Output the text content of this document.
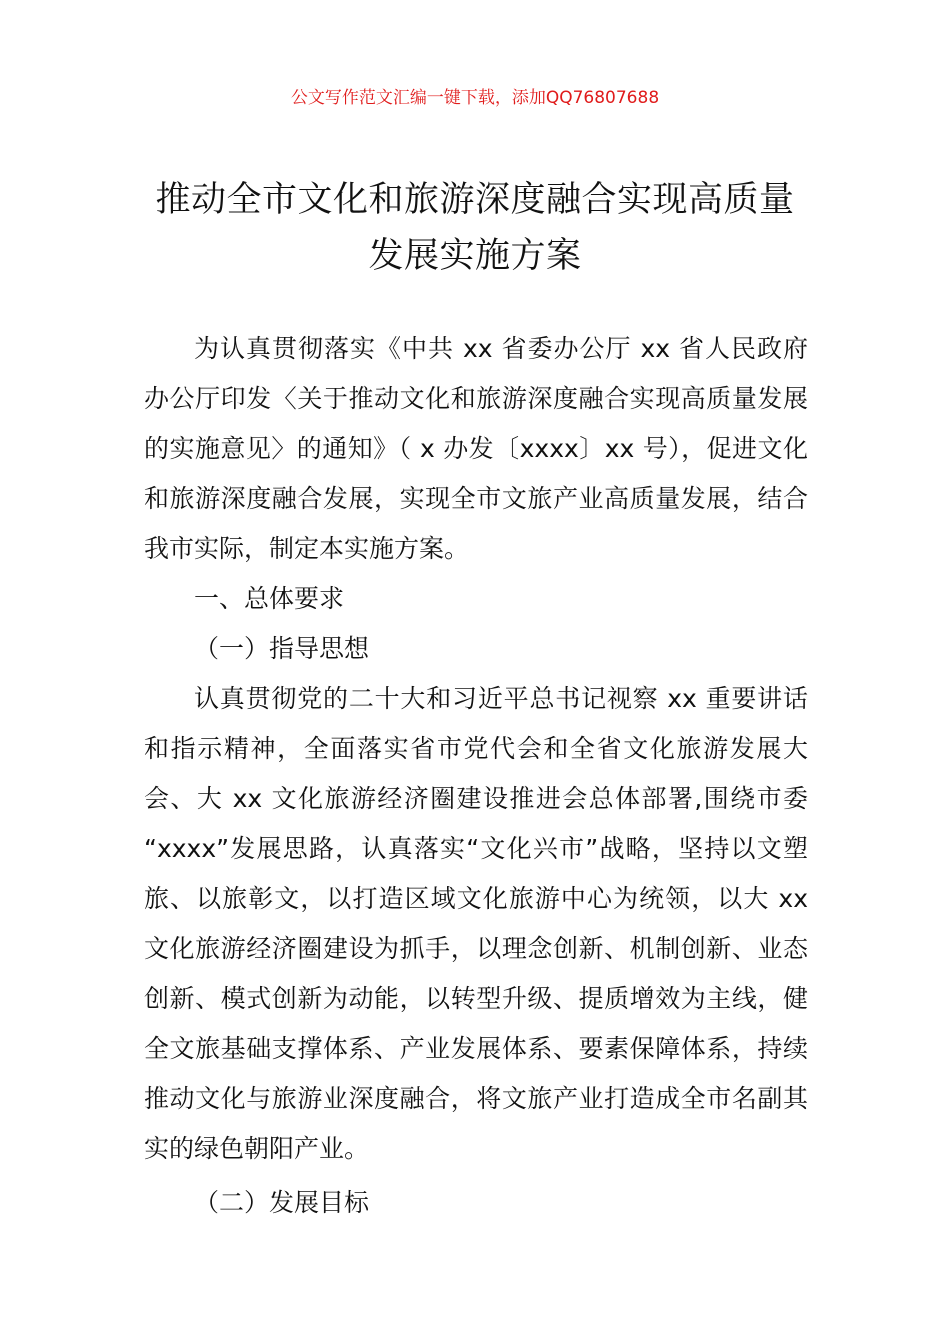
公文写作范文汇编一键下载，添加QQ76807688
推动全市文化和旅游深度融合实现高质量
发展实施方案

为认真贯彻落实《中共 xx 省委办公厅 xx 省人民政府办公厅印发〈关于推动文化和旅游深度融合实现高质量发展的实施意见〉的通知》（ x 办发〔xxxx〕xx 号），促进文化和旅游深度融合发展，实现全市文旅产业高质量发展，结合我市实际，制定本实施方案。

一、总体要求

（一）指导思想

认真贯彻党的二十大和习近平总书记视察 xx 重要讲话和指示精神，全面落实省市党代会和全省文化旅游发展大会、大 xx 文化旅游经济圈建设推进会总体部署,围绕市委 “xxxx”发展思路，认真落实“文化兴市”战略，坚持以文塑旅、以旅彰文，以打造区域文化旅游中心为统领，以大 xx 文化旅游经济圈建设为抓手，以理念创新、机制创新、业态创新、模式创新为动能，以转型升级、提质增效为主线，健全文旅基础支撑体系、产业发展体系、要素保障体系，持续推动文化与旅游业深度融合，将文旅产业打造成全市名副其实的绿色朝阳产业。

（二）发展目标
